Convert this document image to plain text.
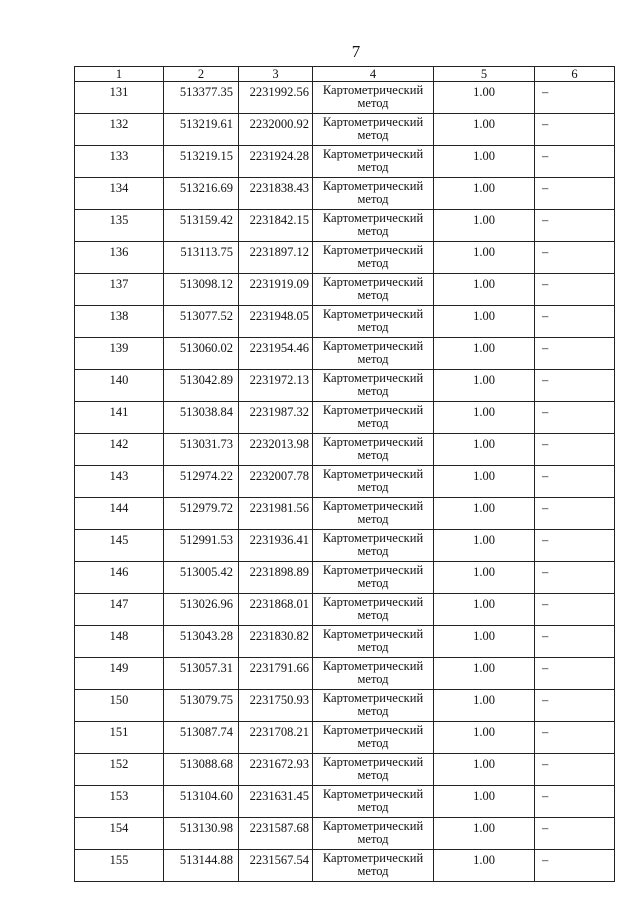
7
1	2	3	4	5	6

131	513377.35	2231992.56	Картометрический
метод	1.00	–

132	513219.61	2232000.92	Картометрический
метод	1.00	–

133	513219.15	2231924.28	Картометрический
метод	1.00	–

134	513216.69	2231838.43	Картометрический
метод	1.00	–

135	513159.42	2231842.15	Картометрический
метод	1.00	–

136	513113.75	2231897.12	Картометрический
метод	1.00	–

137	513098.12	2231919.09	Картометрический
метод	1.00	–

138	513077.52	2231948.05	Картометрический
метод	1.00	–

139	513060.02	2231954.46	Картометрический
метод	1.00	–

140	513042.89	2231972.13	Картометрический
метод	1.00	–

141	513038.84	2231987.32	Картометрический
метод	1.00	–

142	513031.73	2232013.98	Картометрический
метод	1.00	–

143	512974.22	2232007.78	Картометрический
метод	1.00	–

144	512979.72	2231981.56	Картометрический
метод	1.00	–

145	512991.53	2231936.41	Картометрический
метод	1.00	–

146	513005.42	2231898.89	Картометрический
метод	1.00	–

147	513026.96	2231868.01	Картометрический
метод	1.00	–

148	513043.28	2231830.82	Картометрический
метод	1.00	–

149	513057.31	2231791.66	Картометрический
метод	1.00	–

150	513079.75	2231750.93	Картометрический
метод	1.00	–

151	513087.74	2231708.21	Картометрический
метод	1.00	–

152	513088.68	2231672.93	Картометрический
метод	1.00	–

153	513104.60	2231631.45	Картометрический
метод	1.00	–

154	513130.98	2231587.68	Картометрический
метод	1.00	–

155	513144.88	2231567.54	Картометрический
метод	1.00	–
